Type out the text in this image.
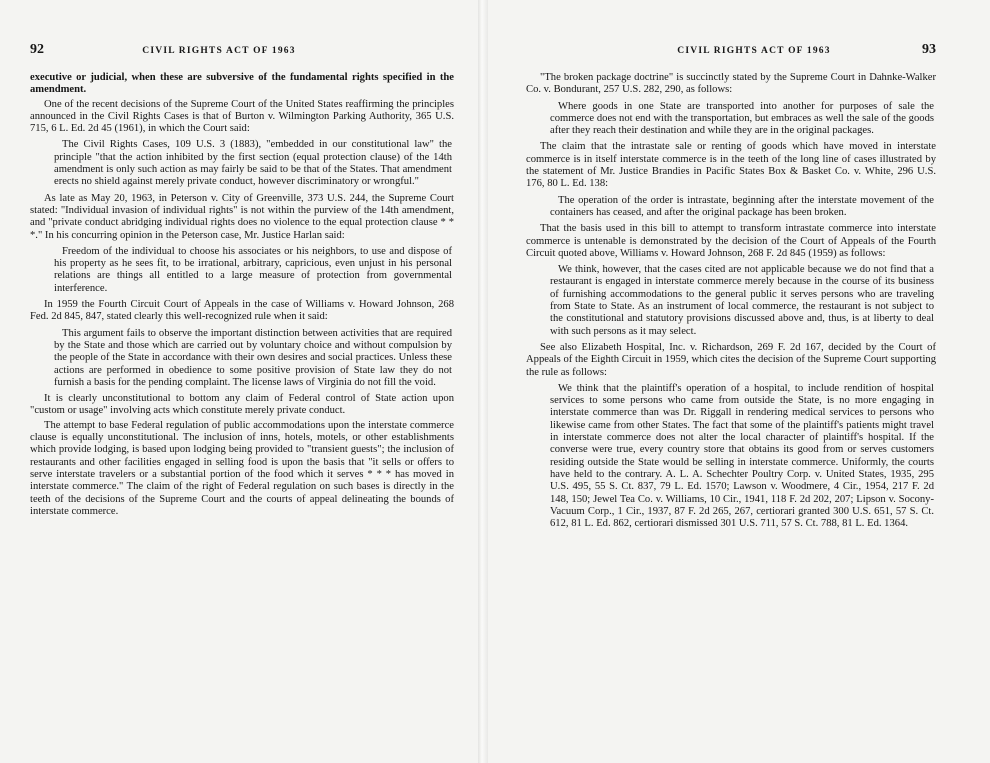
92	CIVIL RIGHTS ACT OF 1963

executive or judicial, when these are subversive of the fundamental rights specified in the amendment.

One of the recent decisions of the Supreme Court of the United States reaffirming the principles announced in the Civil Rights Cases is that of Burton v. Wilmington Parking Authority, 365 U.S. 715, 6 L. Ed. 2d 45 (1961), in which the Court said:

The Civil Rights Cases, 109 U.S. 3 (1883), "embedded in our constitutional law" the principle "that the action inhibited by the first section (equal protection clause) of the 14th amendment is only such action as may fairly be said to be that of the States. That amendment erects no shield against merely private conduct, however discriminatory or wrongful."

As late as May 20, 1963, in Peterson v. City of Greenville, 373 U.S. 244, the Supreme Court stated: "Individual invasion of individual rights" is not within the purview of the 14th amendment, and "private conduct abridging individual rights does no violence to the equal protection clause * * *." In his concurring opinion in the Peterson case, Mr. Justice Harlan said:

Freedom of the individual to choose his associates or his neighbors, to use and dispose of his property as he sees fit, to be irrational, arbitrary, capricious, even unjust in his personal relations are things all entitled to a large measure of protection from governmental interference.

In 1959 the Fourth Circuit Court of Appeals in the case of Williams v. Howard Johnson, 268 Fed. 2d 845, 847, stated clearly this well-recognized rule when it said:

This argument fails to observe the important distinction between activities that are required by the State and those which are carried out by voluntary choice and without compulsion by the people of the State in accordance with their own desires and social practices. Unless these actions are performed in obedience to some positive provision of State law they do not furnish a basis for the pending complaint. The license laws of Virginia do not fill the void.

It is clearly unconstitutional to bottom any claim of Federal control of State action upon "custom or usage" involving acts which constitute merely private conduct.

The attempt to base Federal regulation of public accommodations upon the interstate commerce clause is equally unconstitutional. The inclusion of inns, hotels, motels, or other establishments which provide lodging, is based upon lodging being provided to "transient guests"; the inclusion of restaurants and other facilities engaged in selling food is upon the basis that "it sells or offers to serve interstate travelers or a substantial portion of the food which it serves * * * has moved in interstate commerce." The claim of the right of Federal regulation on such bases is directly in the teeth of the decisions of the Supreme Court and the courts of appeal delineating the bounds of interstate commerce.

CIVIL RIGHTS ACT OF 1963	93

"The broken package doctrine" is succinctly stated by the Supreme Court in Dahnke-Walker Co. v. Bondurant, 257 U.S. 282, 290, as follows:

Where goods in one State are transported into another for purposes of sale the commerce does not end with the transportation, but embraces as well the sale of the goods after they reach their destination and while they are in the original packages.

The claim that the intrastate sale or renting of goods which have moved in interstate commerce is in itself interstate commerce is in the teeth of the long line of cases illustrated by the statement of Mr. Justice Brandies in Pacific States Box & Basket Co. v. White, 296 U.S. 176, 80 L. Ed. 138:

The operation of the order is intrastate, beginning after the interstate movement of the containers has ceased, and after the original package has been broken.

That the basis used in this bill to attempt to transform intrastate commerce into interstate commerce is untenable is demonstrated by the decision of the Court of Appeals of the Fourth Circuit quoted above, Williams v. Howard Johnson, 268 F. 2d 845 (1959) as follows:

We think, however, that the cases cited are not applicable because we do not find that a restaurant is engaged in interstate commerce merely because in the course of its business of furnishing accommodations to the general public it serves persons who are traveling from State to State. As an instrument of local commerce, the restaurant is not subject to the constitutional and statutory provisions discussed above and, thus, is at liberty to deal with such persons as it may select.

See also Elizabeth Hospital, Inc. v. Richardson, 269 F. 2d 167, decided by the Court of Appeals of the Eighth Circuit in 1959, which cites the decision of the Supreme Court supporting the rule as follows:

We think that the plaintiff's operation of a hospital, to include rendition of hospital services to some persons who came from outside the State, is no more engaging in interstate commerce than was Dr. Riggall in rendering medical services to persons who likewise came from other States. The fact that some of the plaintiff's patients might travel in interstate commerce does not alter the local character of plaintiff's hospital. If the converse were true, every country store that obtains its good from or serves customers residing outside the State would be selling in interstate commerce. Uniformly, the courts have held to the contrary. A. L. A. Schechter Poultry Corp. v. United States, 1935, 295 U.S. 495, 55 S. Ct. 837, 79 L. Ed. 1570; Lawson v. Woodmere, 4 Cir., 1954, 217 F. 2d 148, 150; Jewel Tea Co. v. Williams, 10 Cir., 1941, 118 F. 2d 202, 207; Lipson v. Socony-Vacuum Corp., 1 Cir., 1937, 87 F. 2d 265, 267, certiorari granted 300 U.S. 651, 57 S. Ct. 612, 81 L. Ed. 862, certiorari dismissed 301 U.S. 711, 57 S. Ct. 788, 81 L. Ed. 1364.
